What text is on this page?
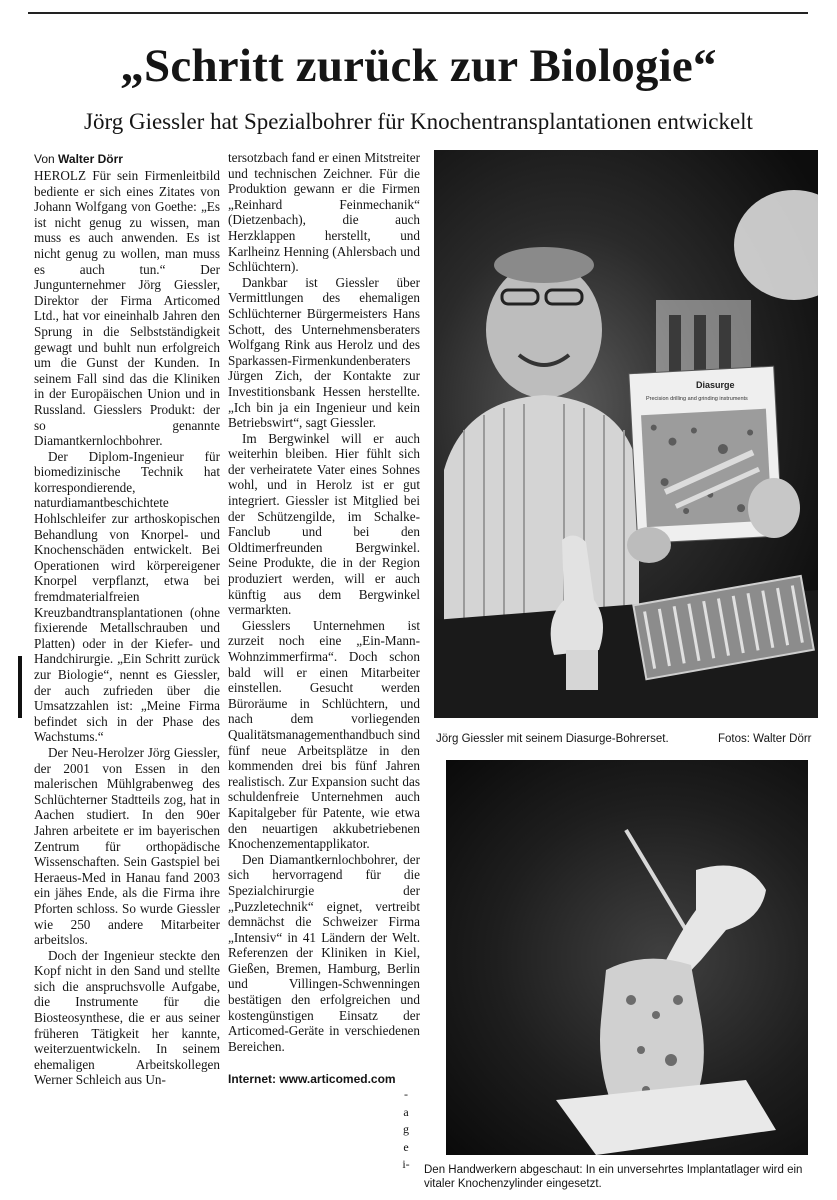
„Schritt zurück zur Biologie“
Jörg Giessler hat Spezialbohrer für Knochentransplantationen entwickelt
Von Walter Dörr

HEROLZ Für sein Firmenleitbild bediente er sich eines Zitates von Johann Wolfgang von Goethe: „Es ist nicht genug zu wissen, man muss es auch anwenden. Es ist nicht genug zu wollen, man muss es auch tun.“ Der Jungunternehmer Jörg Giessler, Direktor der Firma Articomed Ltd., hat vor eineinhalb Jahren den Sprung in die Selbstständigkeit gewagt und buhlt nun erfolgreich um die Gunst der Kunden. In seinem Fall sind das die Kliniken in der Europäischen Union und in Russland. Giesslers Produkt: der so genannte Diamantkernlochbohrer.

Der Diplom-Ingenieur für biomedizinische Technik hat korrespondierende, naturdiamantbeschichtete Hohlschleifer zur arthoskopischen Behandlung von Knorpel- und Knochenschäden entwickelt. Bei Operationen wird körpereigener Knorpel verpflanzt, etwa bei fremdmaterialfreien Kreuzbandtransplantationen (ohne fixierende Metallschrauben und Platten) oder in der Kiefer- und Handchirurgie. „Ein Schritt zurück zur Biologie“, nennt es Giessler, der auch zufrieden über die Umsatzzahlen ist: „Meine Firma befindet sich in der Phase des Wachstums.“

Der Neu-Herolzer Jörg Giessler, der 2001 von Essen in den malerischen Mühlgrabenweg des Schlüchterner Stadtteils zog, hat in Aachen studiert. In den 90er Jahren arbeitete er im bayerischen Zentrum für orthopädische Wissenschaften. Sein Gastspiel bei Heraeus-Med in Hanau fand 2003 ein jähes Ende, als die Firma ihre Pforten schloss. So wurde Giessler wie 250 andere Mitarbeiter arbeitslos.

Doch der Ingenieur steckte den Kopf nicht in den Sand und stellte sich die anspruchsvolle Aufgabe, die Instrumente für die Biosteosynthese, die er aus seiner früheren Tätigkeit her kannte, weiterzuentwickeln. In seinem ehemaligen Arbeitskollegen Werner Schleich aus Un-

tersotzbach fand er einen Mitstreiter und technischen Zeichner. Für die Produktion gewann er die Firmen „Reinhard Feinmechanik“ (Dietzenbach), die auch Herzklappen herstellt, und Karlheinz Henning (Ahlersbach und Schlüchtern).

Dankbar ist Giessler über Vermittlungen des ehemaligen Schlüchterner Bürgermeisters Hans Schott, des Unternehmensberaters Wolfgang Rink aus Herolz und des Sparkassen-Firmenkundenberaters Jürgen Zich, der Kontakte zur Investitionsbank Hessen herstellte. „Ich bin ja ein Ingenieur und kein Betriebswirt“, sagt Giessler.

Im Bergwinkel will er auch weiterhin bleiben. Hier fühlt sich der verheiratete Vater eines Sohnes wohl, und in Herolz ist er gut integriert. Giessler ist Mitglied bei der Schützengilde, im Schalke-Fanclub und bei den Oldtimerfreunden Bergwinkel. Seine Produkte, die in der Region produziert werden, will er auch künftig aus dem Bergwinkel vermarkten.

Giesslers Unternehmen ist zurzeit noch eine „Ein-Mann-Wohnzimmerfirma“. Doch schon bald will er einen Mitarbeiter einstellen. Gesucht werden Büroräume in Schlüchtern, und nach dem vorliegenden Qualitätsmanagementhandbuch sind fünf neue Arbeitsplätze in den kommenden drei bis fünf Jahren realistisch. Zur Expansion sucht das schuldenfreie Unternehmen auch Kapitalgeber für Patente, wie etwa den neuartigen akkubetriebenen Knochenzementapplikator.

Den Diamantkernlochbohrer, der sich hervorragend für die Spezialchirurgie der „Puzzletechnik“ eignet, vertreibt demnächst die Schweizer Firma „Intensiv“ in 41 Ländern der Welt. Referenzen der Kliniken in Kiel, Gießen, Bremen, Hamburg, Berlin und Villingen-Schwenningen bestätigen den erfolgreichen und kostengünstigen Einsatz der Articomed-Geräte in verschiedenen Bereichen.

Internet: www.articomed.com
-
a
g
e
i-
Diasurge
Precision drilling and grinding instruments
Jörg Giessler mit seinem Diasurge-Bohrerset.	Fotos: Walter Dörr
Den Handwerkern abgeschaut: In ein unversehrtes Implantatlager wird ein vitaler Knochenzylinder eingesetzt.
